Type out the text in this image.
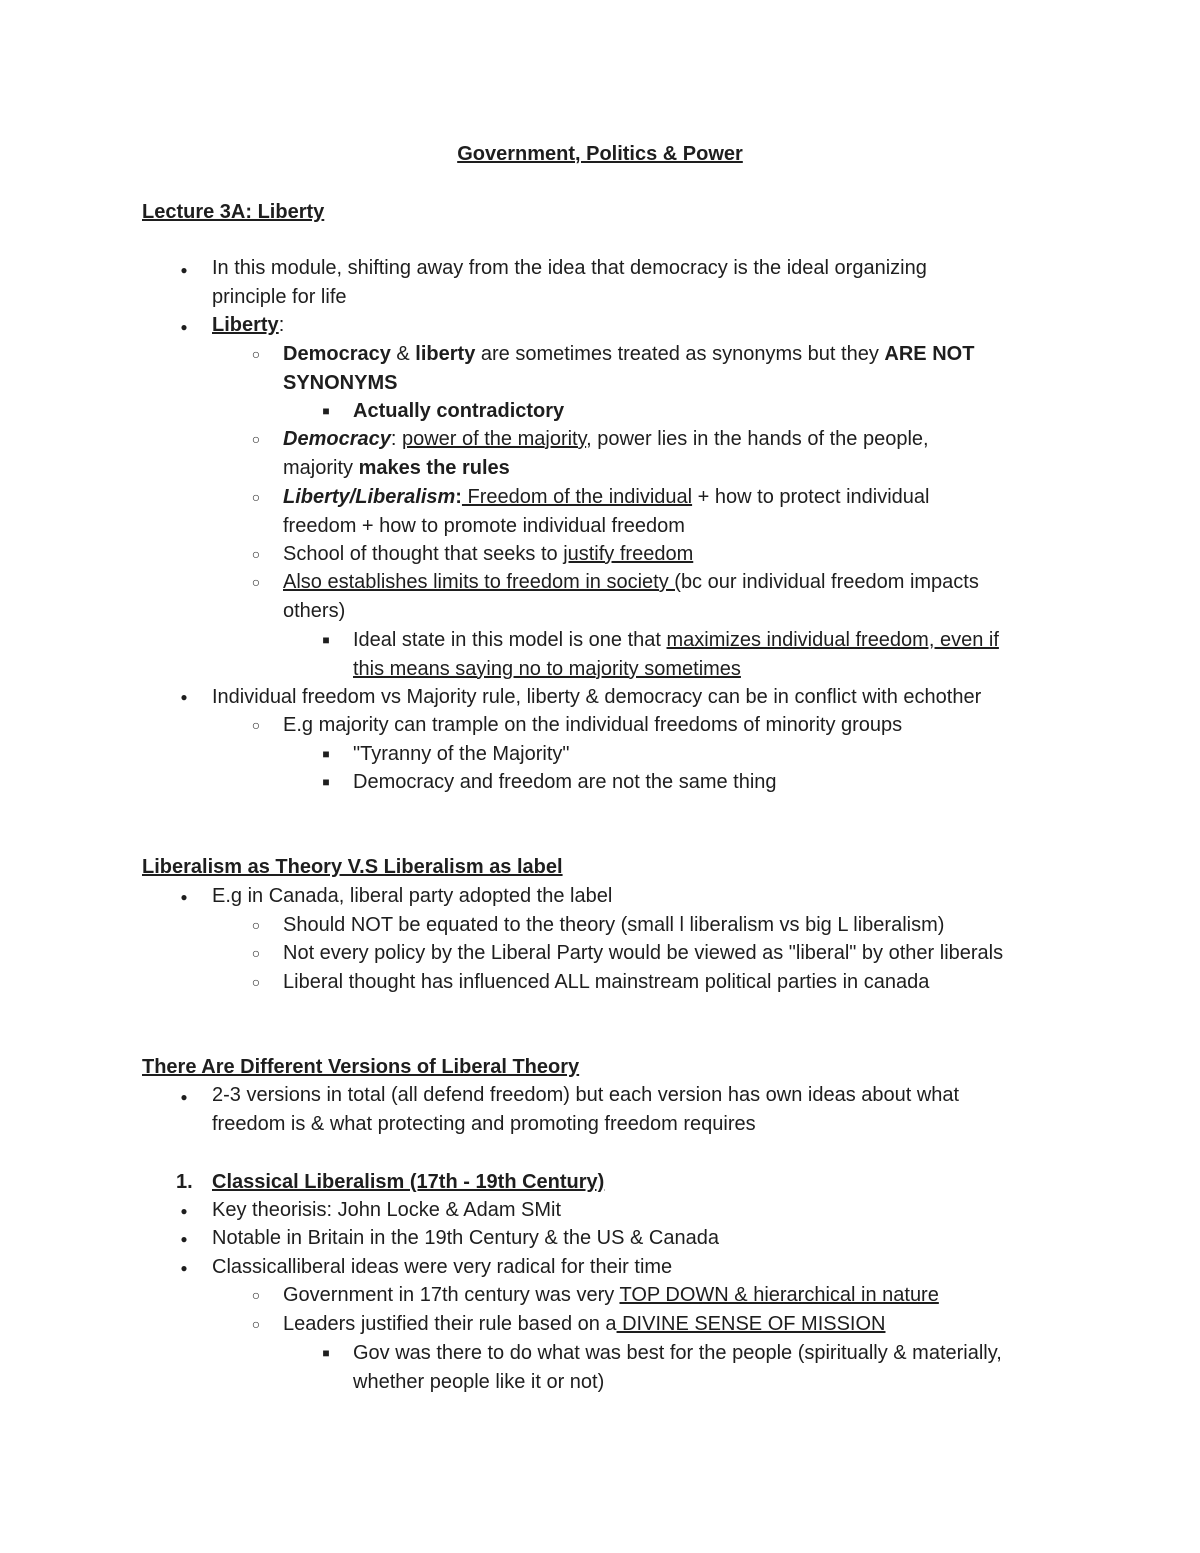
Government, Politics & Power
Lecture 3A: Liberty
●	In this module, shifting away from the idea that democracy is the ideal organizing
principle for life
●	Liberty:
○ Democracy & liberty are sometimes treated as synonyms but they ARE NOT
SYNONYMS
■	Actually contradictory
○ Democracy: power of the majority, power lies in the hands of the people,
majority makes the rules
○ Liberty/Liberalism: Freedom of the individual + how to protect individual
freedom + how to promote individual freedom
○ School of thought that seeks to justify freedom
○ Also establishes limits to freedom in society (bc our individual freedom impacts
others)
■	Ideal state in this model is one that maximizes individual freedom, even if
this means saying no to majority sometimes
●	Individual freedom vs Majority rule, liberty & democracy can be in conflict with echother
○ E.g majority can trample on the individual freedoms of minority groups
■	"Tyranny of the Majority"
■	Democracy and freedom are not the same thing
Liberalism as Theory V.S Liberalism as label
●	E.g in Canada, liberal party adopted the label
○ Should NOT be equated to the theory (small l liberalism vs big L liberalism)
○ Not every policy by the Liberal Party would be viewed as "liberal" by other liberals
○ Liberal thought has influenced ALL mainstream political parties in canada
There Are Different Versions of Liberal Theory
●	2-3 versions in total (all defend freedom) but each version has own ideas about what
freedom is & what protecting and promoting freedom requires
1. Classical Liberalism (17th - 19th Century)
●	Key theorisis: John Locke & Adam SMit
●	Notable in Britain in the 19th Century & the US & Canada
●	Classicalliberal ideas were very radical for their time
○ Government in 17th century was very TOP DOWN & hierarchical in nature
○ Leaders justified their rule based on a DIVINE SENSE OF MISSION
■	Gov was there to do what was best for the people (spiritually & materially,
whether people like it or not)
